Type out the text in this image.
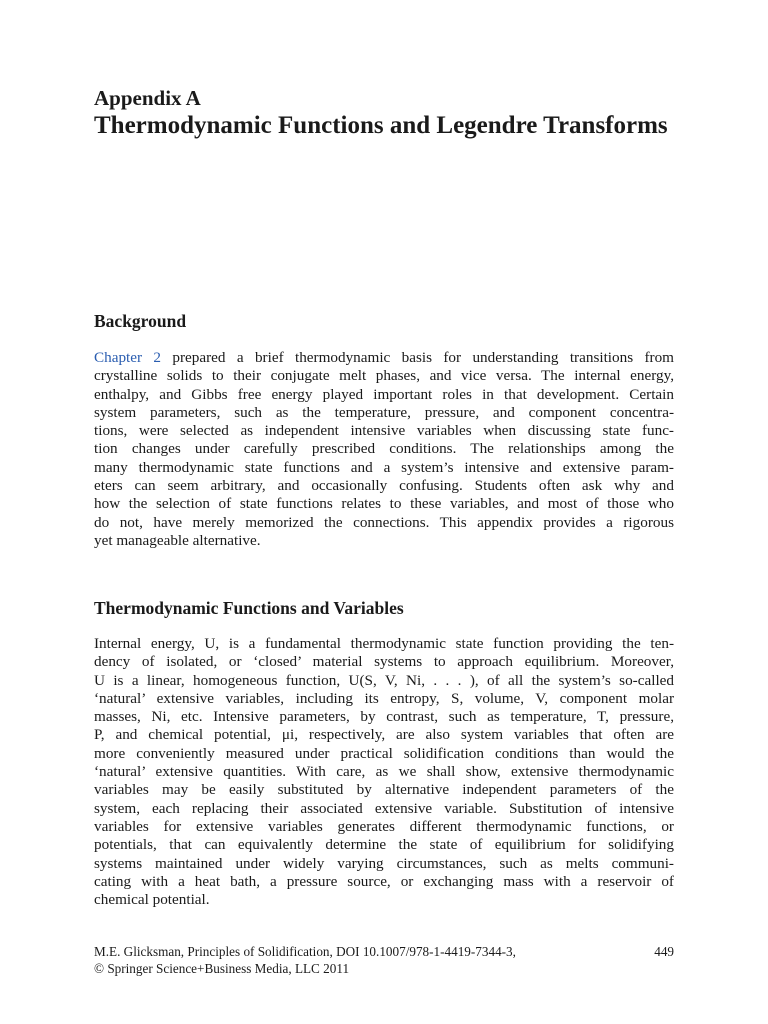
Appendix A
Thermodynamic Functions and Legendre Transforms
Background
Chapter 2 prepared a brief thermodynamic basis for understanding transitions from
crystalline solids to their conjugate melt phases, and vice versa. The internal energy,
enthalpy, and Gibbs free energy played important roles in that development. Certain
system parameters, such as the temperature, pressure, and component concentra-
tions, were selected as independent intensive variables when discussing state func-
tion changes under carefully prescribed conditions. The relationships among the
many thermodynamic state functions and a system’s intensive and extensive param-
eters can seem arbitrary, and occasionally confusing. Students often ask why and
how the selection of state functions relates to these variables, and most of those who
do not, have merely memorized the connections. This appendix provides a rigorous
yet manageable alternative.
Thermodynamic Functions and Variables
Internal energy, U, is a fundamental thermodynamic state function providing the ten-
dency of isolated, or ‘closed’ material systems to approach equilibrium. Moreover,
U is a linear, homogeneous function, U(S, V, Ni, . . . ), of all the system’s so-called
‘natural’ extensive variables, including its entropy, S, volume, V, component molar
masses, Ni, etc. Intensive parameters, by contrast, such as temperature, T, pressure,
P, and chemical potential, μi, respectively, are also system variables that often are
more conveniently measured under practical solidification conditions than would the
‘natural’ extensive quantities. With care, as we shall show, extensive thermodynamic
variables may be easily substituted by alternative independent parameters of the
system, each replacing their associated extensive variable. Substitution of intensive
variables for extensive variables generates different thermodynamic functions, or
potentials, that can equivalently determine the state of equilibrium for solidifying
systems maintained under widely varying circumstances, such as melts communi-
cating with a heat bath, a pressure source, or exchanging mass with a reservoir of
chemical potential.
M.E. Glicksman, Principles of Solidification, DOI 10.1007/978-1-4419-7344-3,
© Springer Science+Business Media, LLC 2011
449
